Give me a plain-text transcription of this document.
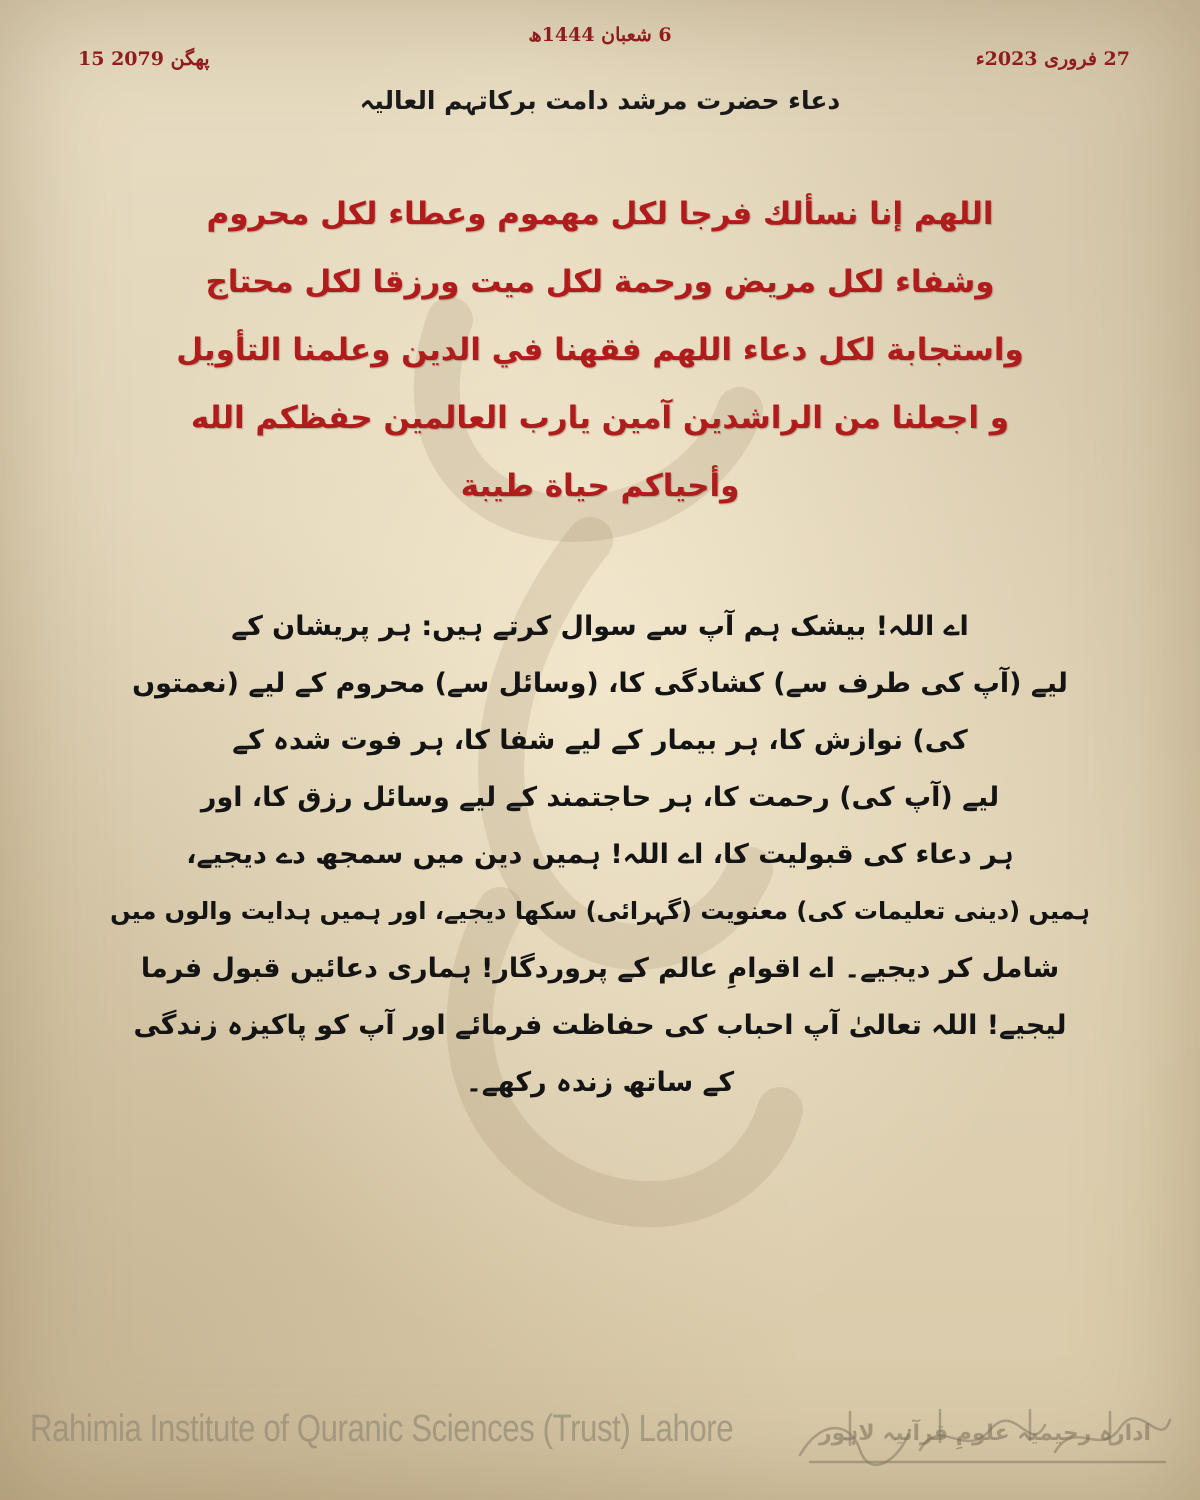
15 پھگن 2079
6 شعبان 1444ھ
27 فروری 2023ء
دعاء حضرت مرشد دامت برکاتہم العالیہ
اللهم إنا نسألك فرجا لكل مهموم وعطاء لكل محروم
وشفاء لكل مريض ورحمة لكل ميت ورزقا لكل محتاج
واستجابة لكل دعاء اللهم فقهنا في الدين وعلمنا التأويل
و اجعلنا من الراشدين آمين يارب العالمين حفظكم الله
وأحياكم حياة طيبة
اے اللہ! بیشک ہم آپ سے سوال کرتے ہیں: ہر پریشان کے
لیے (آپ کی طرف سے) کشادگی کا، (وسائل سے) محروم کے لیے (نعمتوں
کی) نوازش کا، ہر بیمار کے لیے شفا کا، ہر فوت شدہ کے
لیے (آپ کی) رحمت کا، ہر حاجتمند کے لیے وسائل رزق کا، اور
ہر دعاء کی قبولیت کا، اے اللہ! ہمیں دین میں سمجھ دے دیجیے،
ہمیں (دینی تعلیمات کی) معنویت (گہرائی) سکھا دیجیے، اور ہمیں ہدایت والوں میں
شامل کر دیجیے۔ اے اقوامِ عالم کے پروردگار! ہماری دعائیں قبول فرما
لیجیے! اللہ تعالیٰ آپ احباب کی حفاظت فرمائے اور آپ کو پاکیزہ زندگی
کے ساتھ زندہ رکھے۔
Rahimia Institute of Quranic Sciences (Trust) Lahore	ادارہ رحیمیہ علومِ قرآنیہ لاہور
